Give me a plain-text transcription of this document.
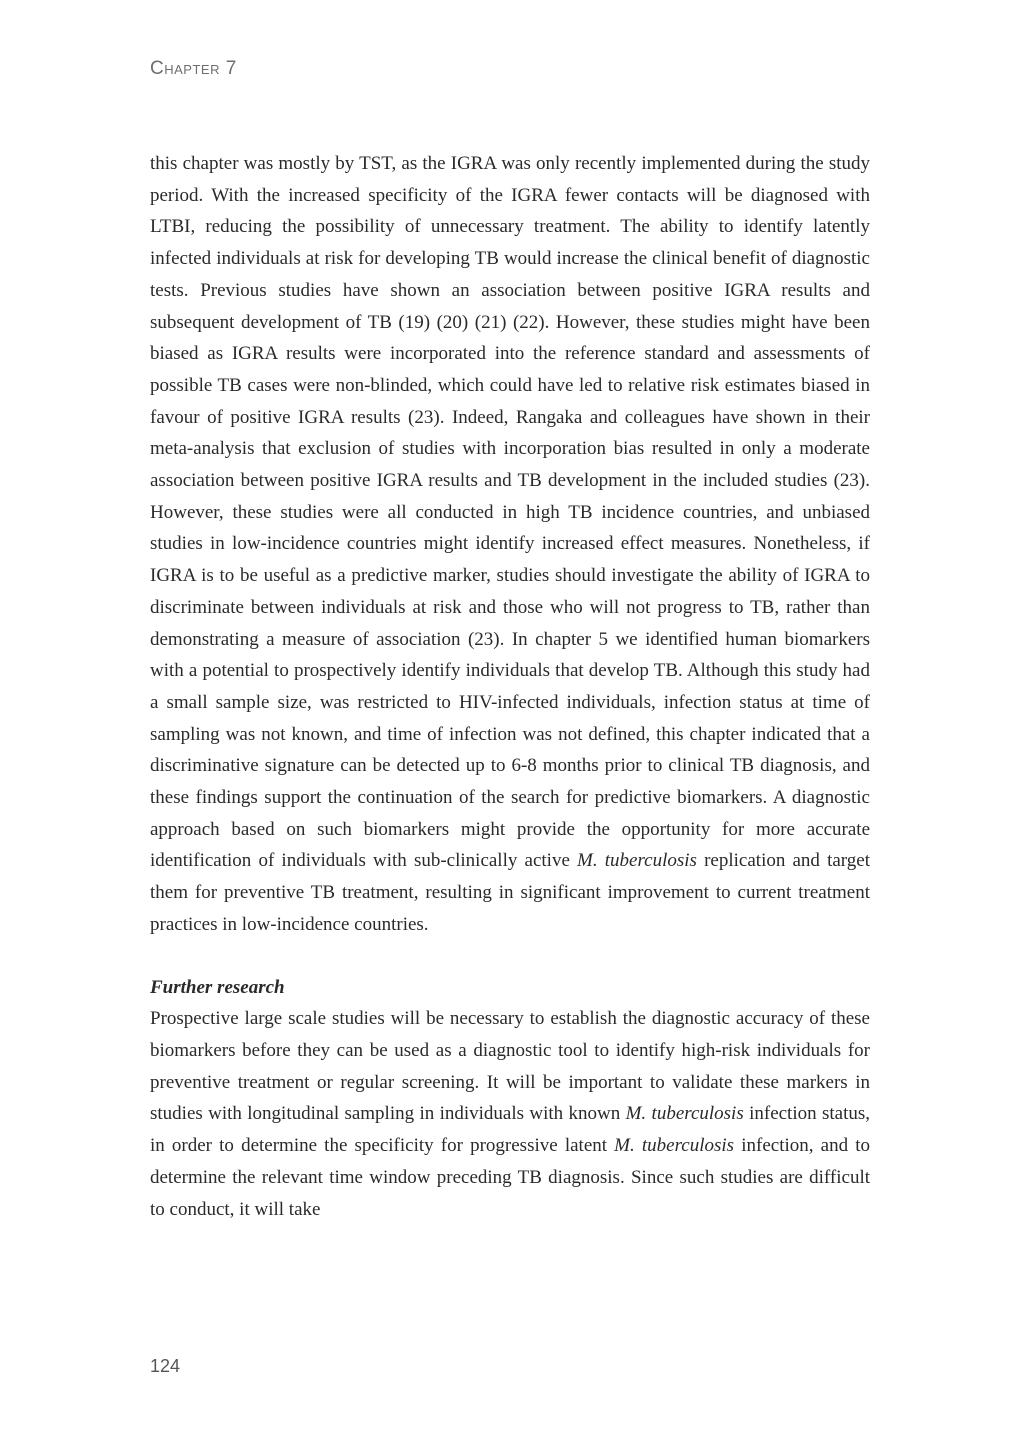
Chapter 7

this chapter was mostly by TST, as the IGRA was only recently implemented during the study period. With the increased specificity of the IGRA fewer contacts will be diagnosed with LTBI, reducing the possibility of unnecessary treatment. The ability to identify latently infected individuals at risk for developing TB would increase the clinical benefit of diagnostic tests. Previous studies have shown an association between positive IGRA results and subsequent development of TB (19) (20) (21) (22). However, these studies might have been biased as IGRA results were incorporated into the reference standard and assessments of possible TB cases were non-blinded, which could have led to relative risk estimates biased in favour of positive IGRA results (23). Indeed, Rangaka and colleagues have shown in their meta-analysis that exclusion of studies with incorporation bias resulted in only a moderate association between positive IGRA results and TB development in the included studies (23). However, these studies were all conducted in high TB incidence countries, and unbiased studies in low-incidence countries might identify increased effect measures. Nonetheless, if IGRA is to be useful as a predictive marker, studies should investigate the ability of IGRA to discriminate between individuals at risk and those who will not progress to TB, rather than demonstrating a measure of association (23). In chapter 5 we identified human biomarkers with a potential to prospectively identify individuals that develop TB. Although this study had a small sample size, was restricted to HIV-infected individuals, infection status at time of sampling was not known, and time of infection was not defined, this chapter indicated that a discriminative signature can be detected up to 6-8 months prior to clinical TB diagnosis, and these findings support the continuation of the search for predictive biomarkers. A diagnostic approach based on such biomarkers might provide the opportunity for more accurate identification of individuals with sub-clinically active M. tuberculosis replication and target them for preventive TB treatment, resulting in significant improvement to current treatment practices in low-incidence countries.

Further research

Prospective large scale studies will be necessary to establish the diagnostic accuracy of these biomarkers before they can be used as a diagnostic tool to identify high-risk individuals for preventive treatment or regular screening. It will be important to validate these markers in studies with longitudinal sampling in individuals with known M. tuberculosis infection status, in order to determine the specificity for progressive latent M. tuberculosis infection, and to determine the relevant time window preceding TB diagnosis. Since such studies are difficult to conduct, it will take

124
